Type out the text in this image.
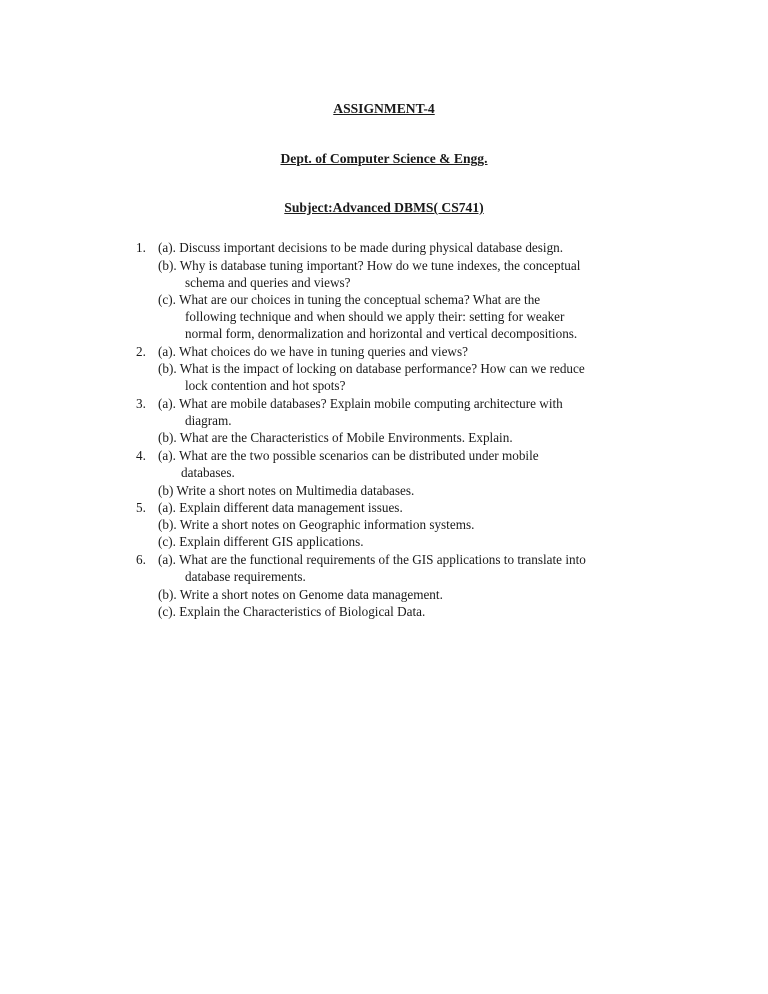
ASSIGNMENT-4
Dept. of Computer Science & Engg.
Subject:Advanced DBMS( CS741)
1. (a). Discuss important decisions to be made during physical database design.
(b). Why is database tuning important? How do we tune indexes, the conceptual
schema and queries and views?
(c). What are our choices in tuning the conceptual schema? What are the
following technique and when should we apply their: setting for weaker
normal form, denormalization and horizontal and vertical decompositions.
2. (a). What choices do we have in tuning queries and views?
(b). What is the impact of locking on database performance? How can we reduce
lock contention and hot spots?
3. (a). What are mobile databases? Explain mobile computing architecture with
diagram.
(b). What are the Characteristics of Mobile Environments. Explain.
4. (a). What are the two possible scenarios can be distributed under mobile
databases.
(b) Write a short notes on Multimedia databases.
5. (a). Explain different data management issues.
(b). Write a short notes on Geographic information systems.
(c). Explain different GIS applications.
6. (a). What are the functional requirements of the GIS applications to translate into
database requirements.
(b). Write a short notes on Genome data management.
(c). Explain the Characteristics of Biological Data.
